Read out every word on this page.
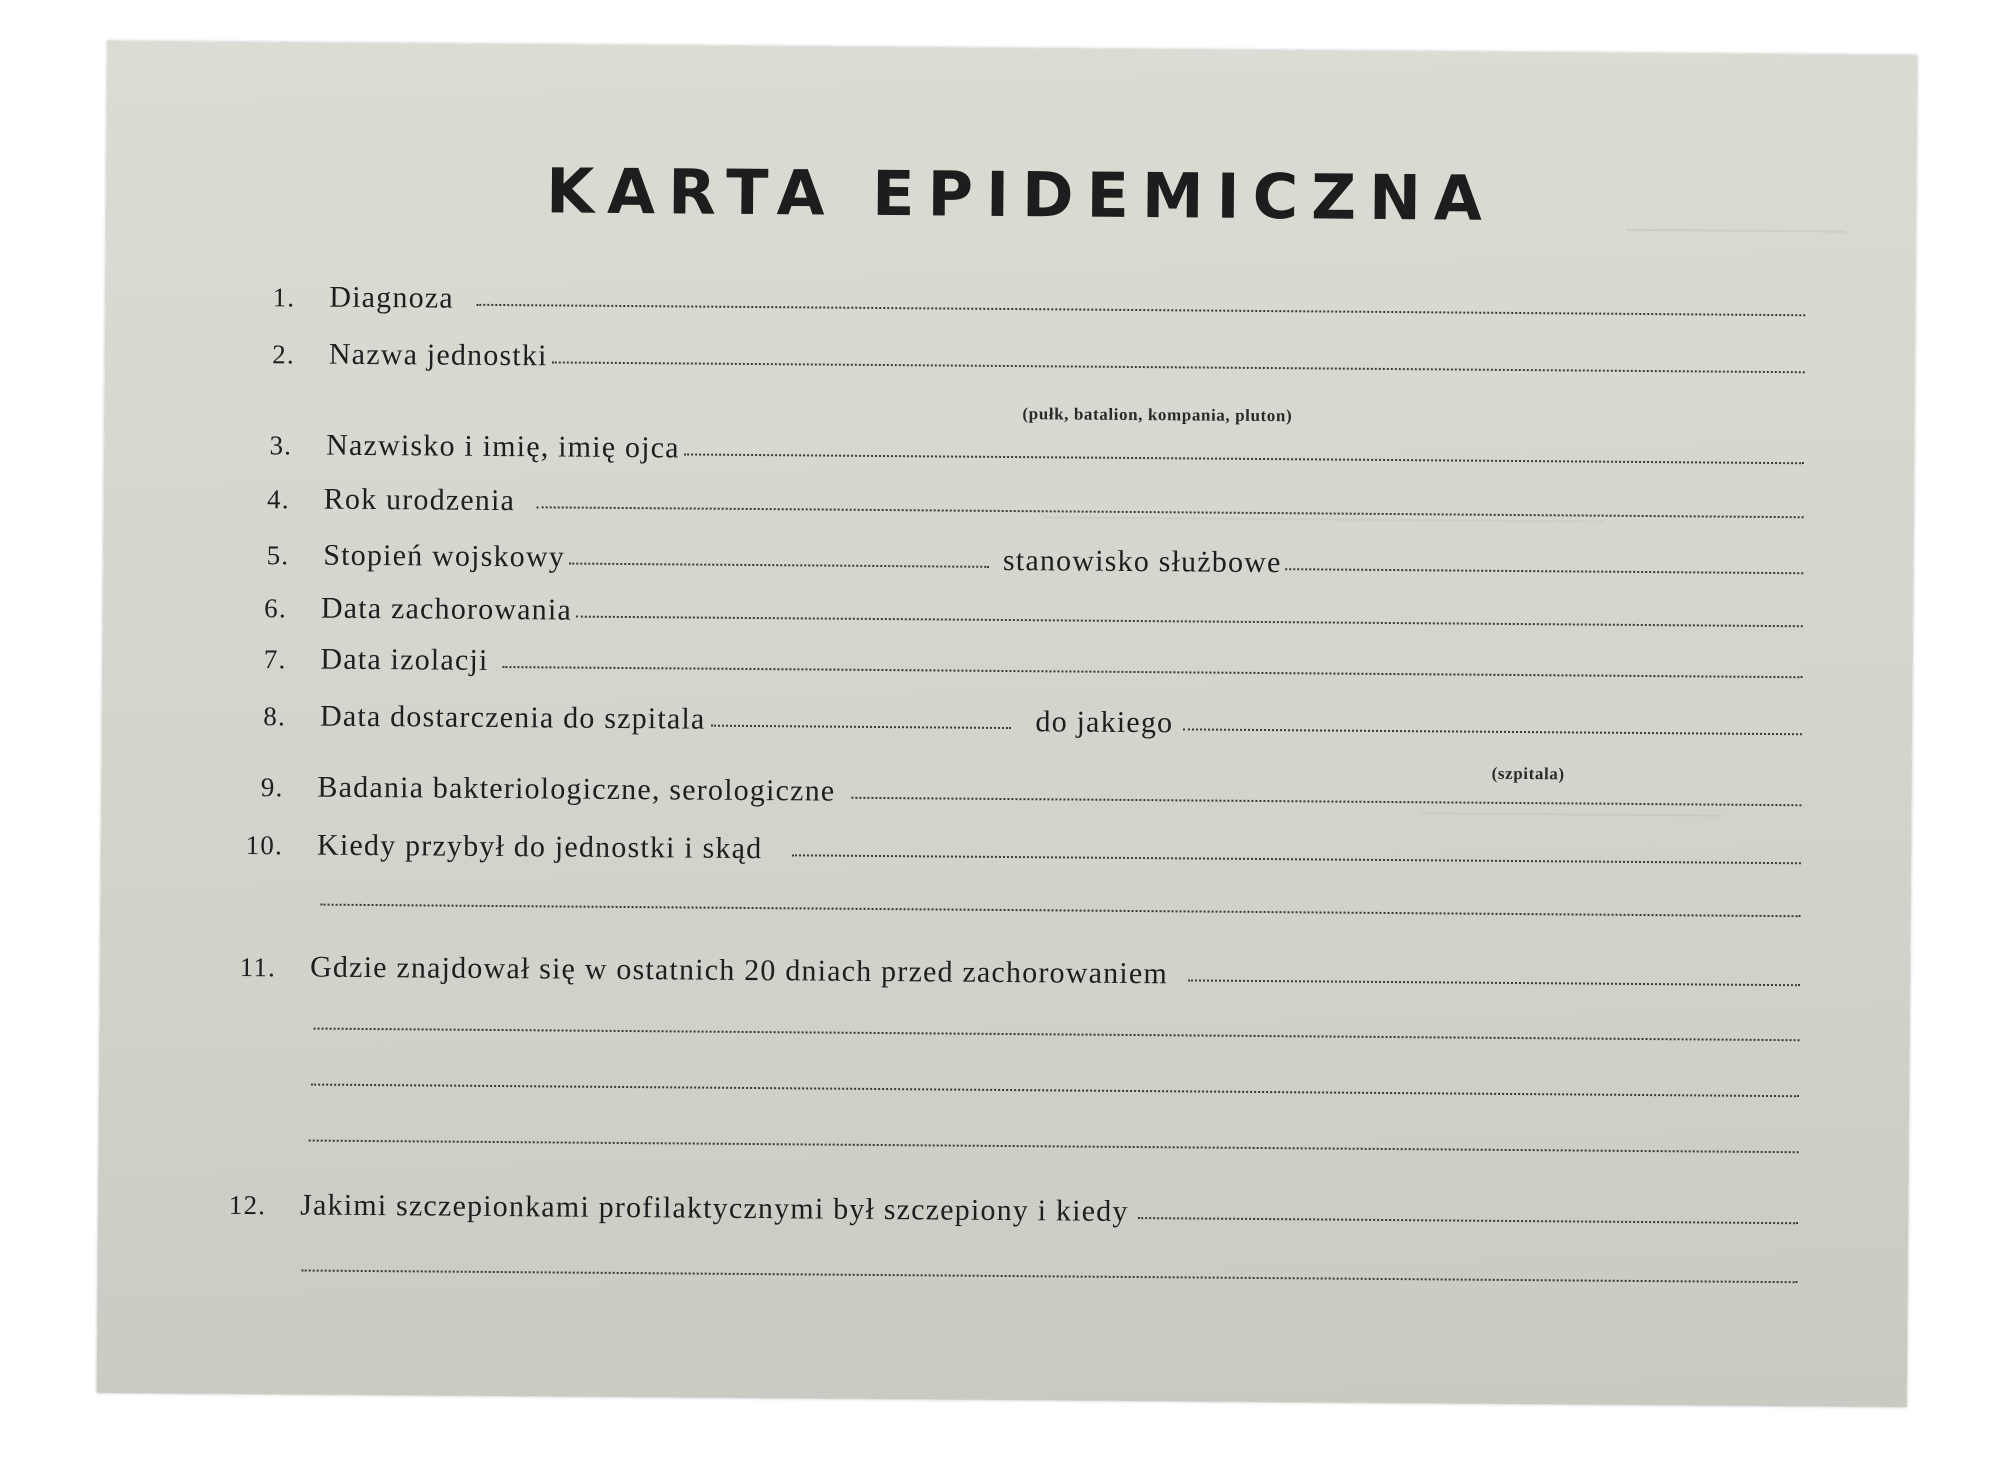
KARTA EPIDEMICZNA
1. Diagnoza
2. Nazwa jednostki
(pułk, batalion, kompania, pluton)
3. Nazwisko i imię, imię ojca
4. Rok urodzenia
5. Stopień wojskowy	stanowisko służbowe
6. Data zachorowania
7. Data izolacji
8. Data dostarczenia do szpitala	do jakiego
(szpitala)
9. Badania bakteriologiczne, serologiczne
10. Kiedy przybył do jednostki i skąd
11. Gdzie znajdował się w ostatnich 20 dniach przed zachorowaniem
12. Jakimi szczepionkami profilaktycznymi był szczepiony i kiedy
